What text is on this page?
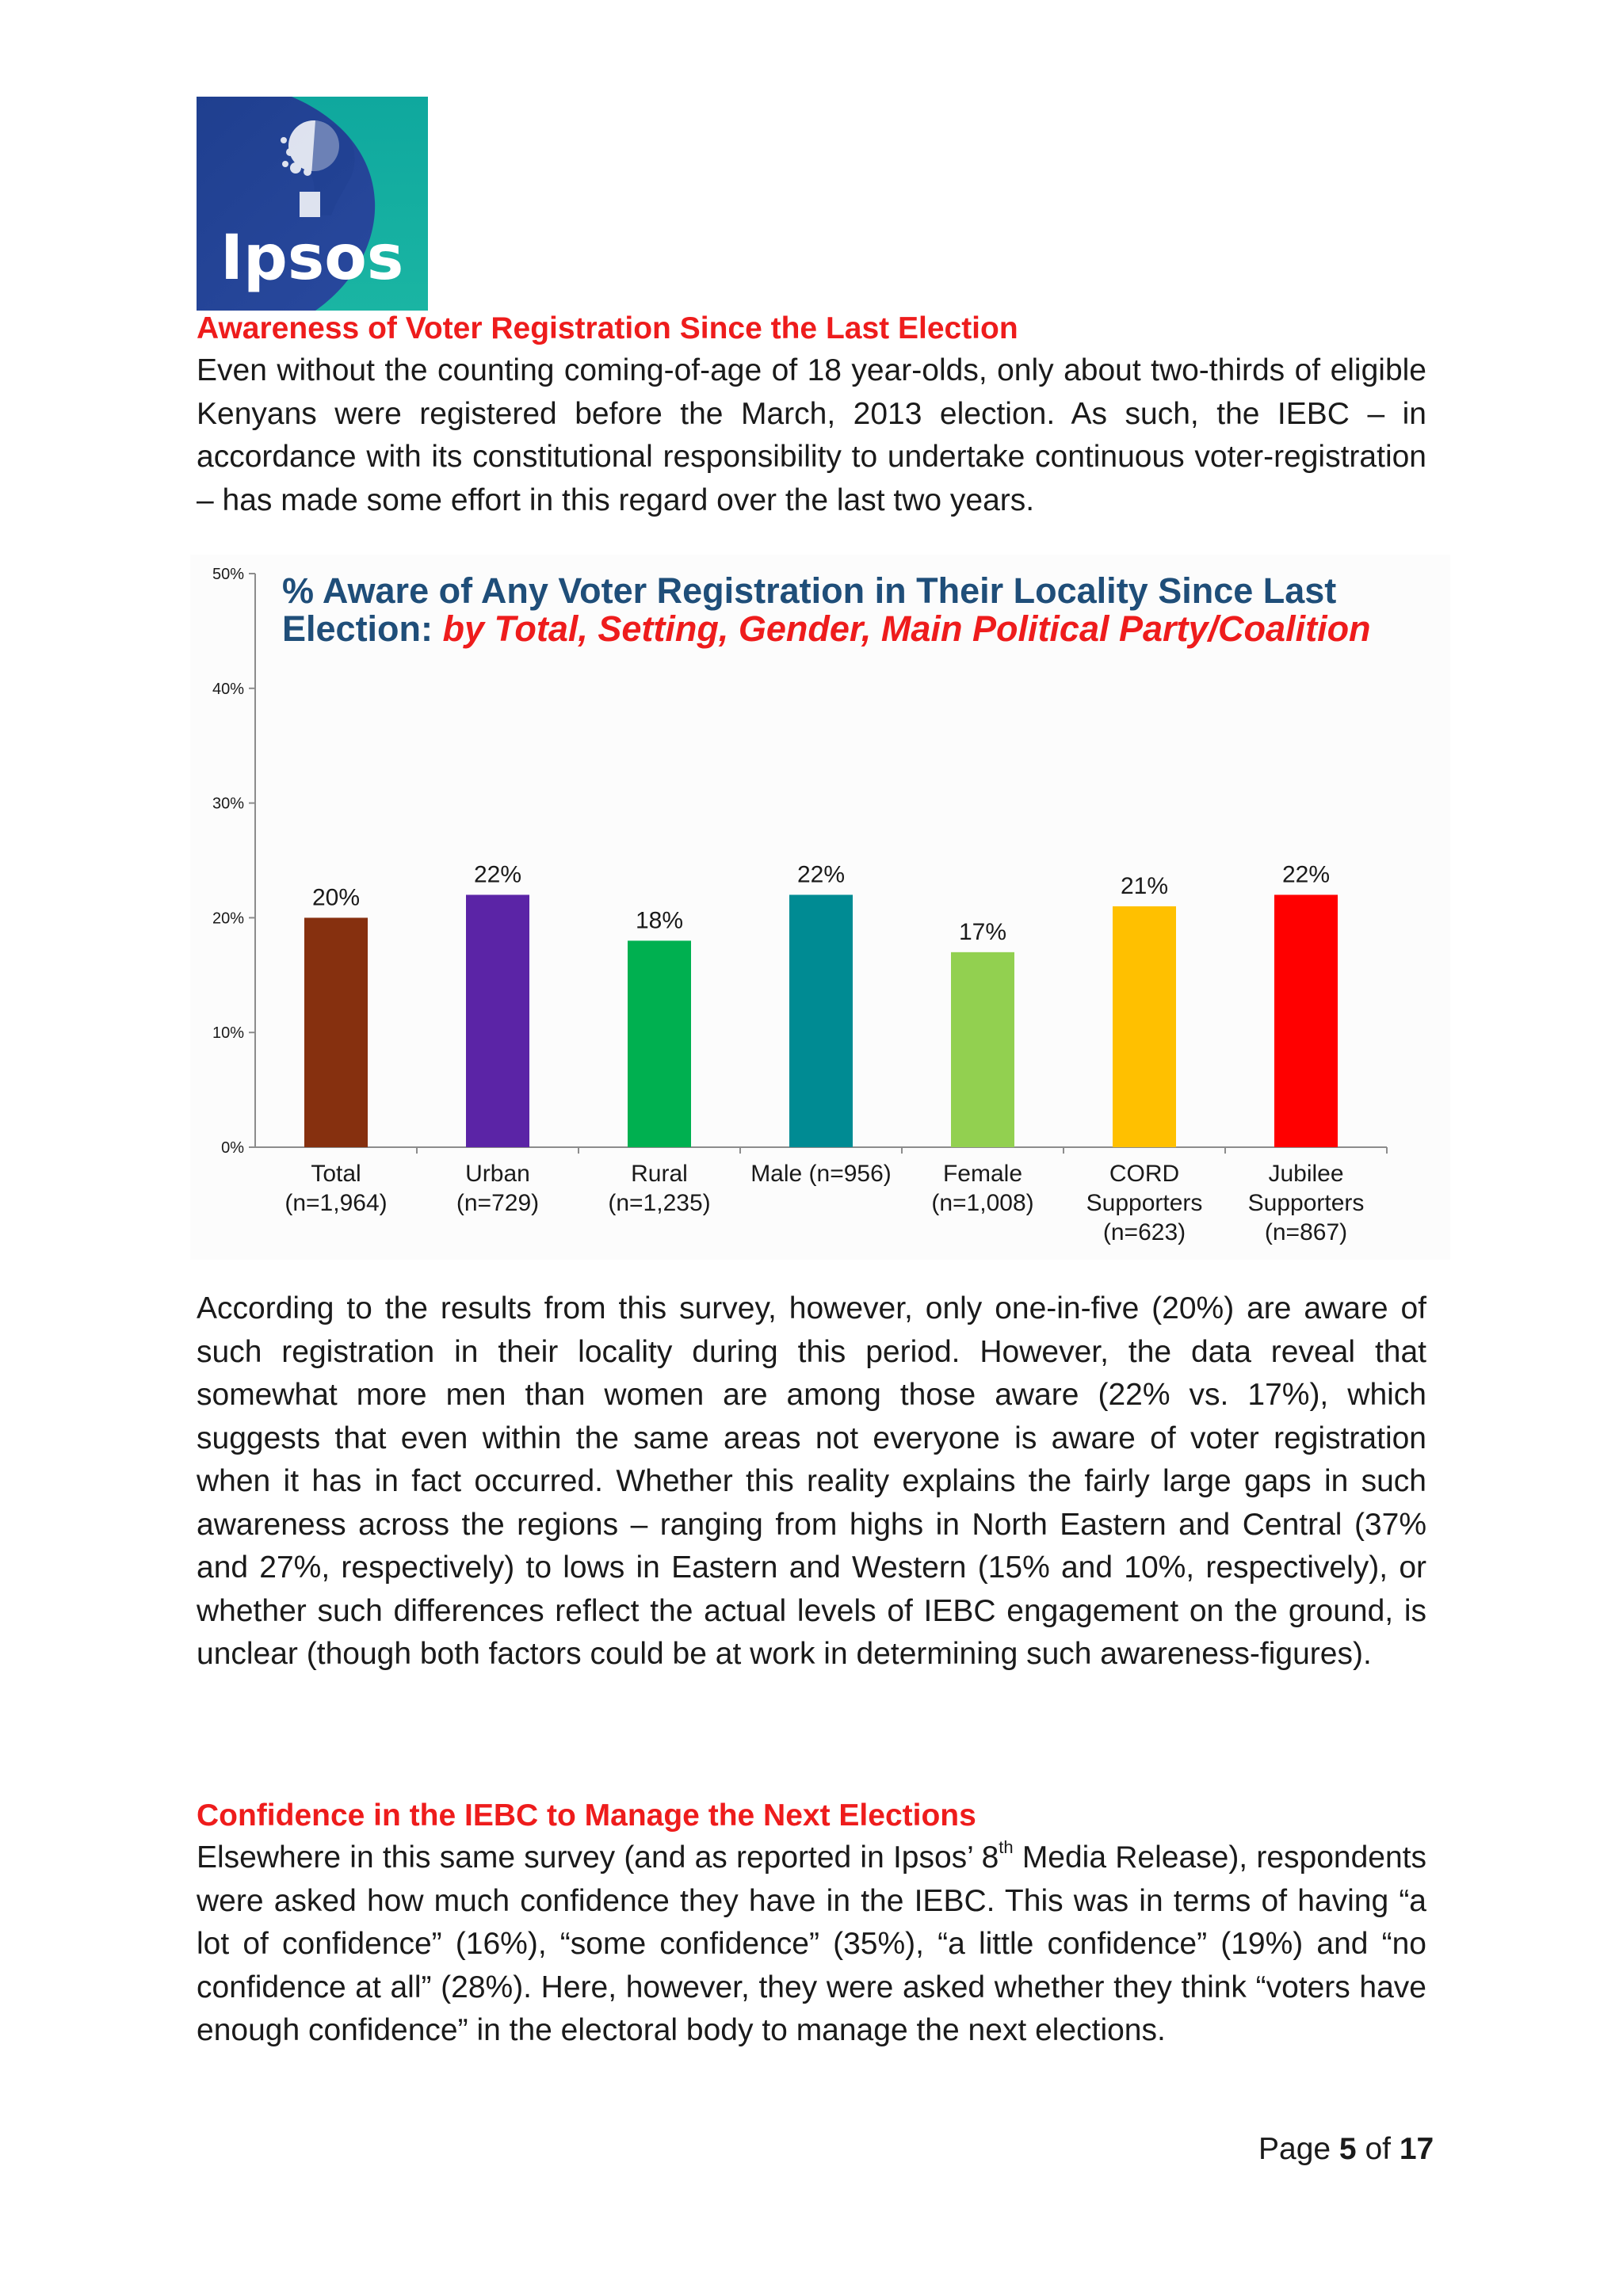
Ipsos
Awareness of Voter Registration Since the Last Election

Even without the counting coming-of-age of 18 year-olds, only about two-thirds of eligible Kenyans were registered before the March, 2013 election. As such, the IEBC – in accordance with its constitutional responsibility to undertake continuous voter-registration – has made some effort in this regard over the last two years.

0%
10%
20%
30%
40%
50%
20%
Total
(n=1,964)
22%
Urban
(n=729)
18%
Rural
(n=1,235)
22%
Male (n=956)
17%
Female
(n=1,008)
21%
CORD
Supporters
(n=623)
22%
Jubilee
Supporters
(n=867)
% Aware of Any Voter Registration in Their Locality Since Last Election: by Total, Setting, Gender, Main Political Party/Coalition

According to the results from this survey, however, only one-in-five (20%) are aware of such registration in their locality during this period. However, the data reveal that somewhat more men than women are among those aware (22% vs. 17%), which suggests that even within the same areas not everyone is aware of voter registration when it has in fact occurred. Whether this reality explains the fairly large gaps in such awareness across the regions – ranging from highs in North Eastern and Central (37% and 27%, respectively) to lows in Eastern and Western (15% and 10%, respectively), or whether such differences reflect the actual levels of IEBC engagement on the ground, is unclear (though both factors could be at work in determining such awareness-figures).

Confidence in the IEBC to Manage the Next Elections

Elsewhere in this same survey (and as reported in Ipsos’ 8th Media Release), respondents were asked how much confidence they have in the IEBC. This was in terms of having “a lot of confidence” (16%), “some confidence” (35%), “a little confidence” (19%) and “no confidence at all” (28%). Here, however, they were asked whether they think “voters have enough confidence” in the electoral body to manage the next elections.

Page 5 of 17
